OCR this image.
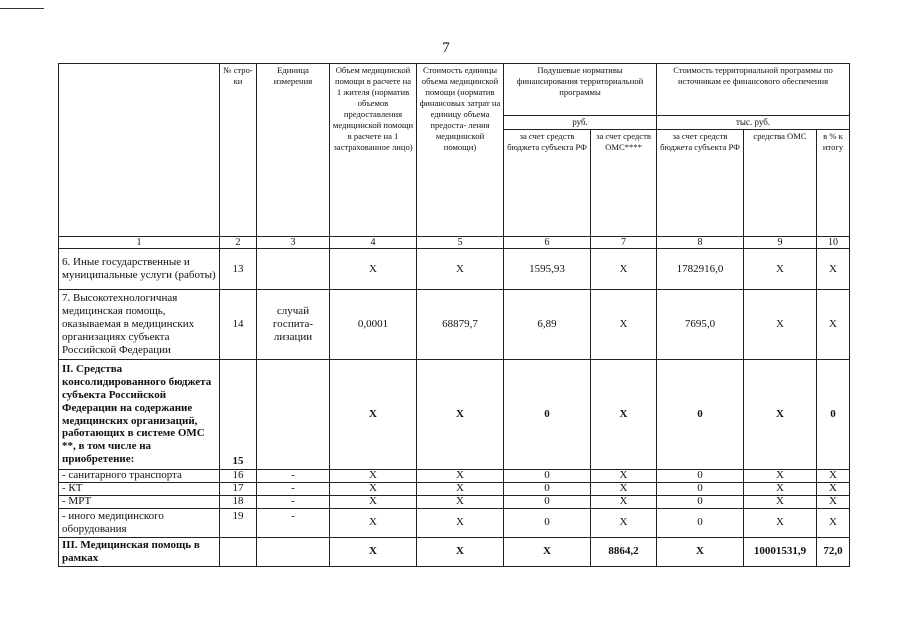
7
	№ стро- ки	Единица измерения	Объем медицинской помощи в расчете на 1 жителя (норматив объемов предоставления медицинской помощи в расчете на 1 застрахованное лицо)	Стоимость единицы объема медицинской помощи (норматив финансовых затрат на единицу объема предоста- ления медицинской помощи)	Подушевые нормативы финансирования территориальной программы		Стоимость территориальной программы по источникам ее финансового обеспечения		
					руб.		тыс. руб.		
					за счет средств бюджета субъекта РФ	за счет средств ОМС****	за счет средств бюджета субъекта РФ	средства ОМС	в % к итогу
1	2	3	4	5	6	7	8	9	10
6. Иные государственные и муниципальные услуги (работы)	13		X	X	1595,93	X	1782916,0	X	X
7. Высокотехнологичная медицинская помощь, оказываемая в медицинских организациях субъекта Российской Федерации	14	случай госпита- лизации	0,0001	68879,7	6,89	X	7695,0	X	X
II. Средства консолидированного бюджета субъекта Российской Федерации на содержание медицинских организаций, работающих в системе ОМС **, в том числе на приобретение:	15		X	X	0	X	0	X	0
- санитарного транспорта	16	-	X	X	0	X	0	X	X
- КТ	17	-	X	X	0	X	0	X	X
- МРТ	18	-	X	X	0	X	0	X	X
- иного медицинского оборудования	19	-	X	X	0	X	0	X	X
III. Медицинская помощь в рамках			X	X	X	8864,2	X	10001531,9	72,0
